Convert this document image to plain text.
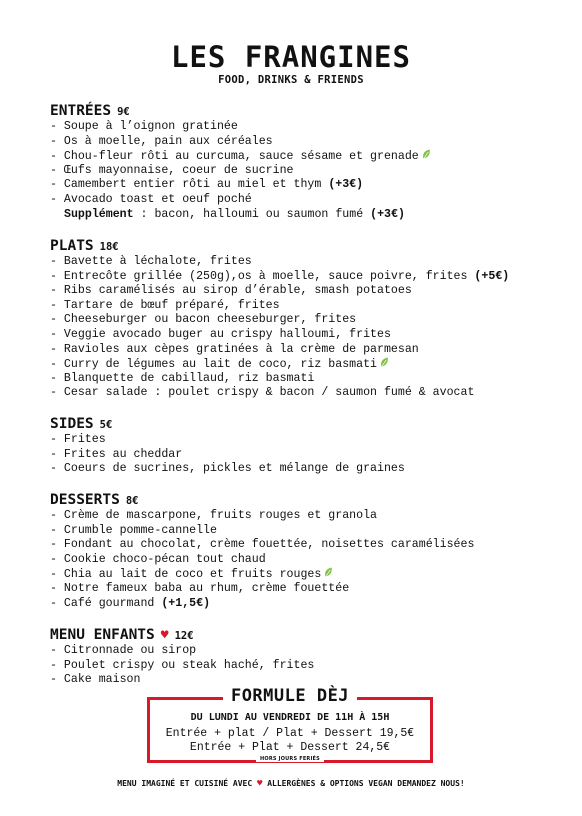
LES FRANGINES
FOOD, DRINKS & FRIENDS
ENTRÉES 9€
- Soupe à l’oignon gratinée
- Os à moelle, pain aux céréales
- Chou-fleur rôti au curcuma, sauce sésame et grenade
- Œufs mayonnaise, coeur de sucrine
- Camembert entier rôti au miel et thym (+3€)
- Avocado toast et oeuf poché
Supplément : bacon, halloumi ou saumon fumé (+3€)
PLATS 18€
- Bavette à léchalote, frites
- Entrecôte grillée (250g),os à moelle, sauce poivre, frites (+5€)
- Ribs caramélisés au sirop d’érable, smash potatoes
- Tartare de bœuf préparé, frites
- Cheeseburger ou bacon cheeseburger, frites
- Veggie avocado buger au crispy halloumi, frites
- Ravioles aux cèpes gratinées à la crème de parmesan
- Curry de légumes au lait de coco, riz basmati
- Blanquette de cabillaud, riz basmati
- Cesar salade : poulet crispy & bacon / saumon fumé & avocat
SIDES 5€
- Frites
- Frites au cheddar
- Coeurs de sucrines, pickles et mélange de graines
DESSERTS 8€
- Crème de mascarpone, fruits rouges et granola
- Crumble pomme-cannelle
- Fondant au chocolat, crème fouettée, noisettes caramélisées
- Cookie choco-pécan tout chaud
- Chia au lait de coco et fruits rouges
- Notre fameux baba au rhum, crème fouettée
- Café gourmand (+1,5€)
MENU ENFANTS ♥ 12€
- Citronnade ou sirop
- Poulet crispy ou steak haché, frites
- Cake maison
FORMULE DÈJ
DU LUNDI AU VENDREDI DE 11H À 15H
Entrée + plat / Plat + Dessert 19,5€
Entrée + Plat + Dessert 24,5€
HORS JOURS FERIÉS
MENU IMAGINÉ ET CUISINÉ AVEC ♥ ALLERGÈNES & OPTIONS VEGAN DEMANDEZ NOUS!
